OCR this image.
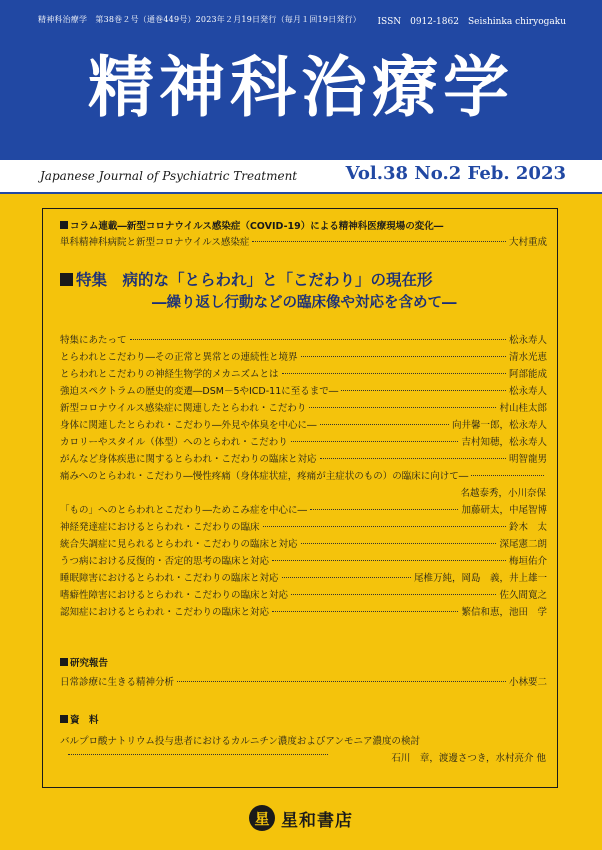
精神科治療学　第38巻２号（通巻449号）2023年２月19日発行（毎月１回19日発行） ISSN　0912-1862　Seishinka chiryogaku
精神科治療学
Japanese Journal of Psychiatric Treatment	Vol.38 No.2 Feb. 2023
コラム連載―新型コロナウイルス感染症（COVID-19）による精神科医療現場の変化―
単科精神科病院と新型コロナウイルス感染症	大村重成
特集　病的な「とらわれ」と「こだわり」の現在形
―繰り返し行動などの臨床像や対応を含めて―
特集にあたって	松永寿人
とらわれとこだわり―その正常と異常との連続性と境界	清水光恵
とらわれとこだわりの神経生物学的メカニズムとは	阿部能成
強迫スペクトラムの歴史的変遷―DSM－5やICD-11に至るまで―	松永寿人
新型コロナウイルス感染症に関連したとらわれ・こだわり	村山桂太郎
身体に関連したとらわれ・こだわり―外見や体臭を中心に―	向井馨一郎，松永寿人
カロリーやスタイル（体型）へのとらわれ・こだわり	吉村知穂，松永寿人
がんなど身体疾患に関するとらわれ・こだわりの臨床と対応	明智龍男
痛みへのとらわれ・こだわり―慢性疼痛（身体症状症，疼痛が主症状のもの）の臨床に向けて―
名越泰秀，小川奈保
「もの」へのとらわれとこだわり―ためこみ症を中心に―	加藤研太，中尾智博
神経発達症におけるとらわれ・こだわりの臨床	鈴木　太
統合失調症に見られるとらわれ・こだわりの臨床と対応	深尾憲二朗
うつ病における反復的・否定的思考の臨床と対応	梅垣佑介
睡眠障害におけるとらわれ・こだわりの臨床と対応	尾椎万純，岡島　義，井上雄一
嗜癖性障害におけるとらわれ・こだわりの臨床と対応	佐久間寛之
認知症におけるとらわれ・こだわりの臨床と対応	繁信和恵，池田　学
研究報告
日常診療に生きる精神分析	小林要二
資　料
バルプロ酸ナトリウム投与患者におけるカルニチン濃度およびアンモニア濃度の検討
石川　章，渡邊さつき，水村亮介 他
星 星和書店
